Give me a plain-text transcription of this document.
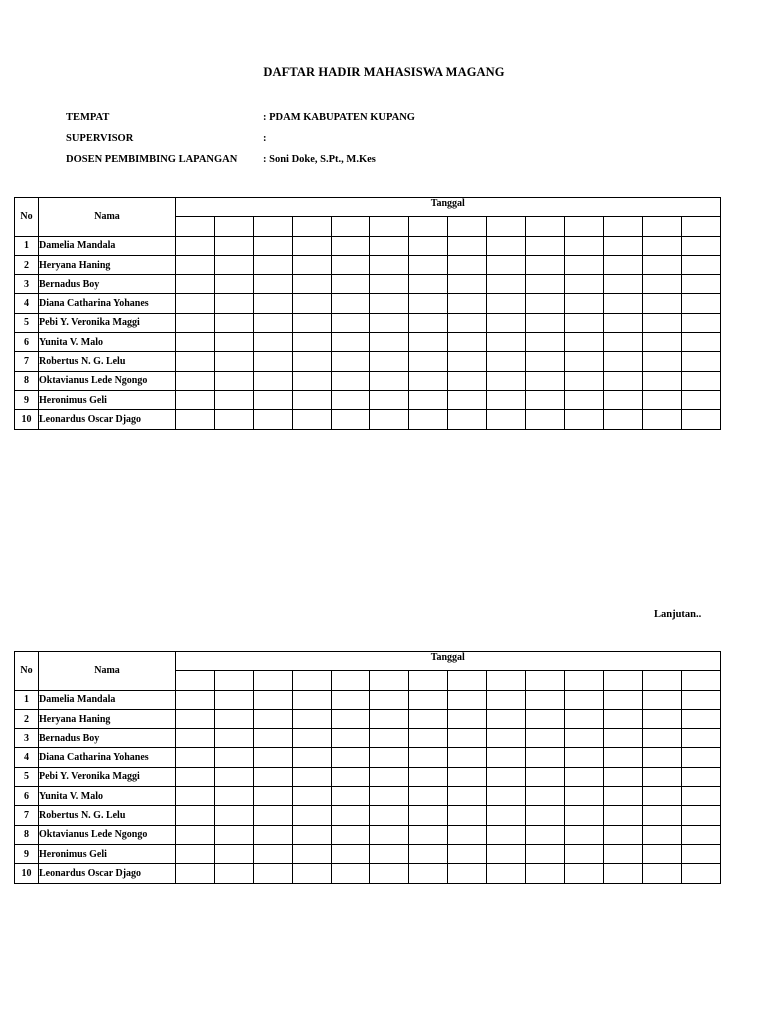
DAFTAR HADIR MAHASISWA MAGANG
TEMPAT	: PDAM KABUPATEN KUPANG
SUPERVISOR	:
DOSEN PEMBIMBING LAPANGAN : Soni Doke, S.Pt., M.Kes
No	Nama	Tanggal													

1	Damelia Mandala														
2	Heryana Haning														
3	Bernadus Boy														
4	Diana Catharina Yohanes														
5	Pebi Y. Veronika Maggi														
6	Yunita V. Malo														
7	Robertus N. G. Lelu														
8	Oktavianus Lede Ngongo														
9	Heronimus Geli														
10	Leonardus Oscar Djago														
Lanjutan..
No	Nama	Tanggal													

1	Damelia Mandala														
2	Heryana Haning														
3	Bernadus Boy														
4	Diana Catharina Yohanes														
5	Pebi Y. Veronika Maggi														
6	Yunita V. Malo														
7	Robertus N. G. Lelu														
8	Oktavianus Lede Ngongo														
9	Heronimus Geli														
10	Leonardus Oscar Djago														
